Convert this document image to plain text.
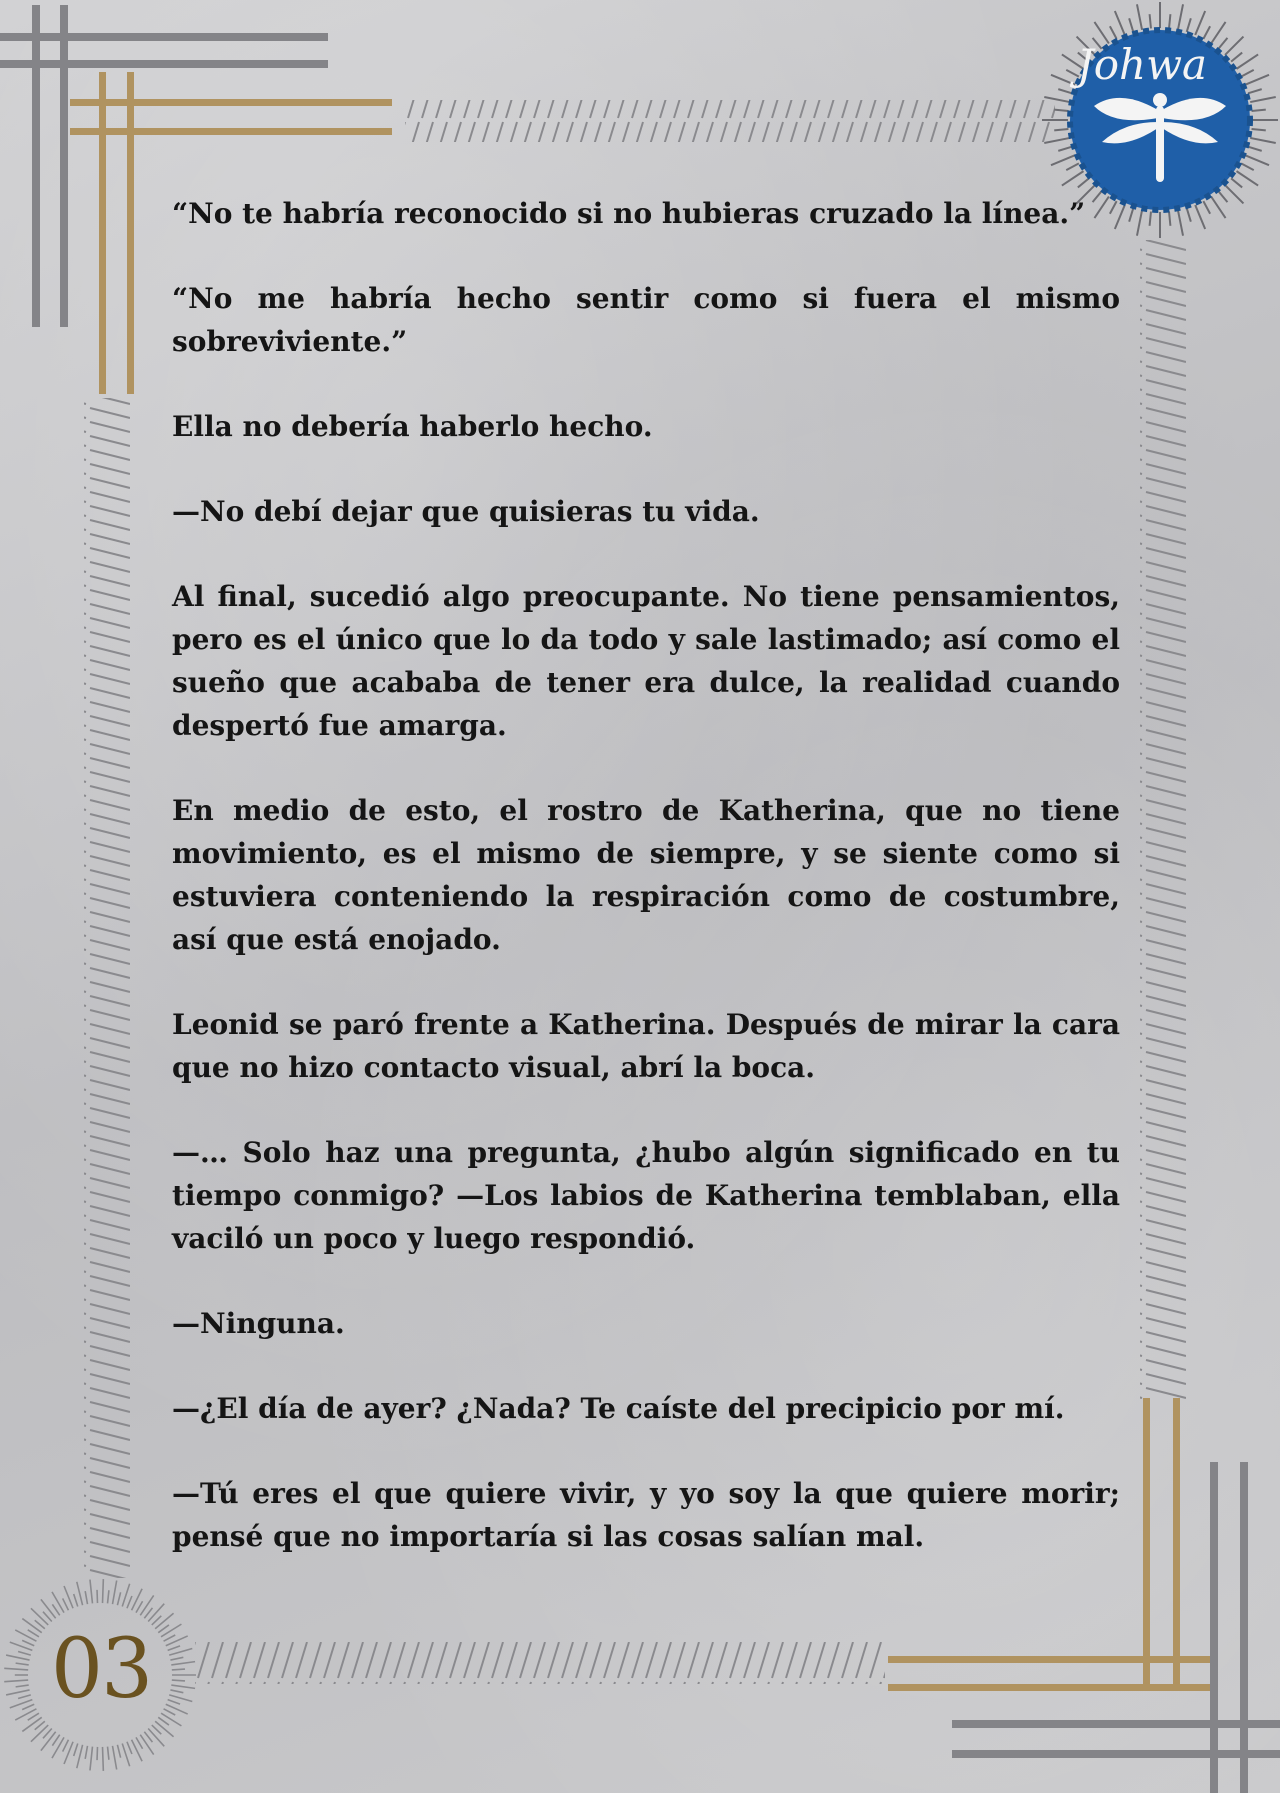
Johwa

“No te habría reconocido si no hubieras cruzado la línea.”

“No me habría hecho sentir como si fuera el mismo sobreviviente.”

Ella no debería haberlo hecho.

—No debí dejar que quisieras tu vida.

Al final, sucedió algo preocupante. No tiene pensamientos, pero es el único que lo da todo y sale lastimado; así como el sueño que acababa de tener era dulce, la realidad cuando despertó fue amarga.

En medio de esto, el rostro de Katherina, que no tiene movimiento, es el mismo de siempre, y se siente como si estuviera conteniendo la respiración como de costumbre, así que está enojado.

Leonid se paró frente a Katherina. Después de mirar la cara que no hizo contacto visual, abrí la boca.

—… Solo haz una pregunta, ¿hubo algún significado en tu tiempo conmigo? —Los labios de Katherina temblaban, ella vaciló un poco y luego respondió.

—Ninguna.

—¿El día de ayer? ¿Nada? Te caíste del precipicio por mí.

—Tú eres el que quiere vivir, y yo soy la que quiere morir; pensé que no importaría si las cosas salían mal.

03
